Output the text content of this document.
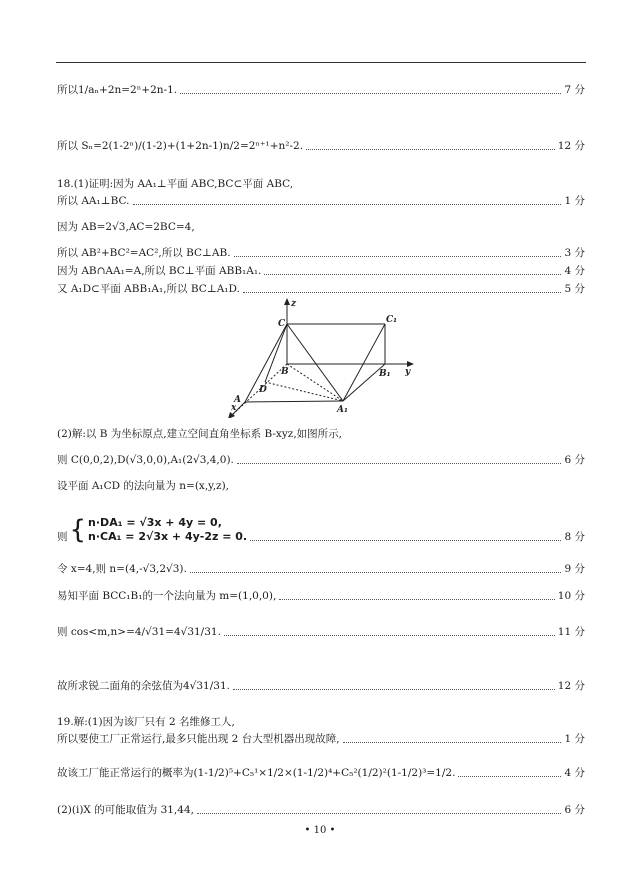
所以1/aₙ+2n=2ⁿ+2n-1.	7 分
所以 Sₙ=2(1-2ⁿ)/(1-2)+(1+2n-1)n/2=2ⁿ⁺¹+n²-2.	12 分
18.(1)证明:因为 AA₁⊥平面 ABC,BC⊂平面 ABC,
所以 AA₁⊥BC.	1 分
因为 AB=2√3,AC=2BC=4,
所以 AB²+BC²=AC²,所以 BC⊥AB.	3 分
因为 AB∩AA₁=A,所以 BC⊥平面 ABB₁A₁.	4 分
又 A₁D⊂平面 ABB₁A₁,所以 BC⊥A₁D.	5 分
z
C	C₁
B	B₁ y
D
A
A₁
x
(2)解:以 B 为坐标原点,建立空间直角坐标系 B-xyz,如图所示,
则 C(0,0,2),D(√3,0,0),A₁(2√3,4,0).	6 分
设平面 A₁CD 的法向量为 n=(x,y,z),
则 { n·DA₁ = √3x + 4y = 0,
n·CA₁ = 2√3x + 4y-2z = 0.	8 分
令 x=4,则 n=(4,-√3,2√3).	9 分
易知平面 BCC₁B₁的一个法向量为 m=(1,0,0),	10 分
则 cos<m,n>=4/√31=4√31/31.	11 分
故所求锐二面角的余弦值为4√31/31.	12 分
19.解:(1)因为该厂只有 2 名维修工人,
所以要使工厂正常运行,最多只能出现 2 台大型机器出现故障,	1 分
故该工厂能正常运行的概率为(1-1/2)⁵+C₅¹×1/2×(1-1/2)⁴+C₅²(1/2)²(1-1/2)³=1/2.	4 分
(2)(ⅰ)X 的可能取值为 31,44,	6 分
• 10 •
